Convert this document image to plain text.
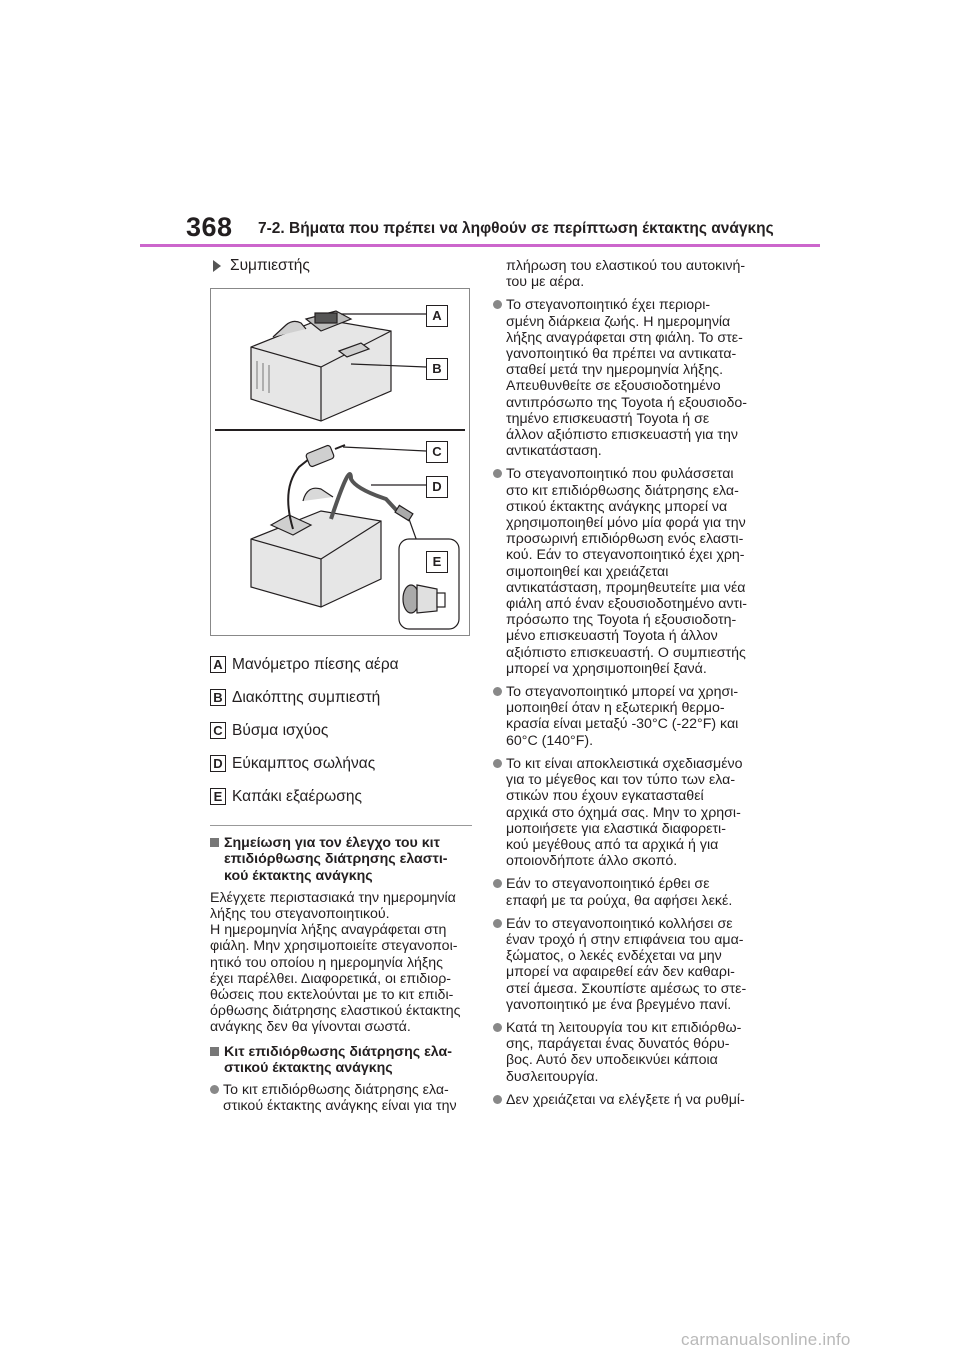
368 7-2. Βήματα που πρέπει να ληφθούν σε περίπτωση έκτακτης ανάγκης
Συμπιεστής
A
B
C
D
E
A Μανόμετρο πίεσης αέρα
B Διακόπτης συμπιεστή
C Βύσμα ισχύος
D Εύκαμπτος σωλήνας
E Καπάκι εξαέρωσης
Σημείωση για τον έλεγχο του κιτ
επιδιόρθωσης διάτρησης ελαστι-
κού έκτακτης ανάγκης
Ελέγχετε περιστασιακά την ημερομηνία
λήξης του στεγανοποιητικού.
Η ημερομηνία λήξης αναγράφεται στη
φιάλη. Μην χρησιμοποιείτε στεγανοποι-
ητικό του οποίου η ημερομηνία λήξης
έχει παρέλθει. Διαφορετικά, οι επιδιορ-
θώσεις που εκτελούνται με το κιτ επιδι-
όρθωσης διάτρησης ελαστικού έκτακτης
ανάγκης δεν θα γίνονται σωστά.
Κιτ επιδιόρθωσης διάτρησης ελα-
στικού έκτακτης ανάγκης
Το κιτ επιδιόρθωσης διάτρησης ελα-
στικού έκτακτης ανάγκης είναι για την
πλήρωση του ελαστικού του αυτοκινή-
του με αέρα.
Το στεγανοποιητικό έχει περιορι-
σμένη διάρκεια ζωής. Η ημερομηνία
λήξης αναγράφεται στη φιάλη. Το στε-
γανοποιητικό θα πρέπει να αντικατα-
σταθεί μετά την ημερομηνία λήξης.
Απευθυνθείτε σε εξουσιοδοτημένο
αντιπρόσωπο της Toyota ή εξουσιοδο-
τημένο επισκευαστή Toyota ή σε
άλλον αξιόπιστο επισκευαστή για την
αντικατάσταση.
Το στεγανοποιητικό που φυλάσσεται
στο κιτ επιδιόρθωσης διάτρησης ελα-
στικού έκτακτης ανάγκης μπορεί να
χρησιμοποιηθεί μόνο μία φορά για την
προσωρινή επιδιόρθωση ενός ελαστι-
κού. Εάν το στεγανοποιητικό έχει χρη-
σιμοποιηθεί και χρειάζεται
αντικατάσταση, προμηθευτείτε μια νέα
φιάλη από έναν εξουσιοδοτημένο αντι-
πρόσωπο της Toyota ή εξουσιοδοτη-
μένο επισκευαστή Toyota ή άλλον
αξιόπιστο επισκευαστή. Ο συμπιεστής
μπορεί να χρησιμοποιηθεί ξανά.
Το στεγανοποιητικό μπορεί να χρησι-
μοποιηθεί όταν η εξωτερική θερμο-
κρασία είναι μεταξύ -30°C (-22°F) και
60°C (140°F).
Το κιτ είναι αποκλειστικά σχεδιασμένο
για το μέγεθος και τον τύπο των ελα-
στικών που έχουν εγκατασταθεί
αρχικά στο όχημά σας. Μην το χρησι-
μοποιήσετε για ελαστικά διαφορετι-
κού μεγέθους από τα αρχικά ή για
οποιονδήποτε άλλο σκοπό.
Εάν το στεγανοποιητικό έρθει σε
επαφή με τα ρούχα, θα αφήσει λεκέ.
Εάν το στεγανοποιητικό κολλήσει σε
έναν τροχό ή στην επιφάνεια του αμα-
ξώματος, ο λεκές ενδέχεται να μην
μπορεί να αφαιρεθεί εάν δεν καθαρι-
στεί άμεσα. Σκουπίστε αμέσως το στε-
γανοποιητικό με ένα βρεγμένο πανί.
Κατά τη λειτουργία του κιτ επιδιόρθω-
σης, παράγεται ένας δυνατός θόρυ-
βος. Αυτό δεν υποδεικνύει κάποια
δυσλειτουργία.
Δεν χρειάζεται να ελέγξετε ή να ρυθμί-
carmanualsonline.info
